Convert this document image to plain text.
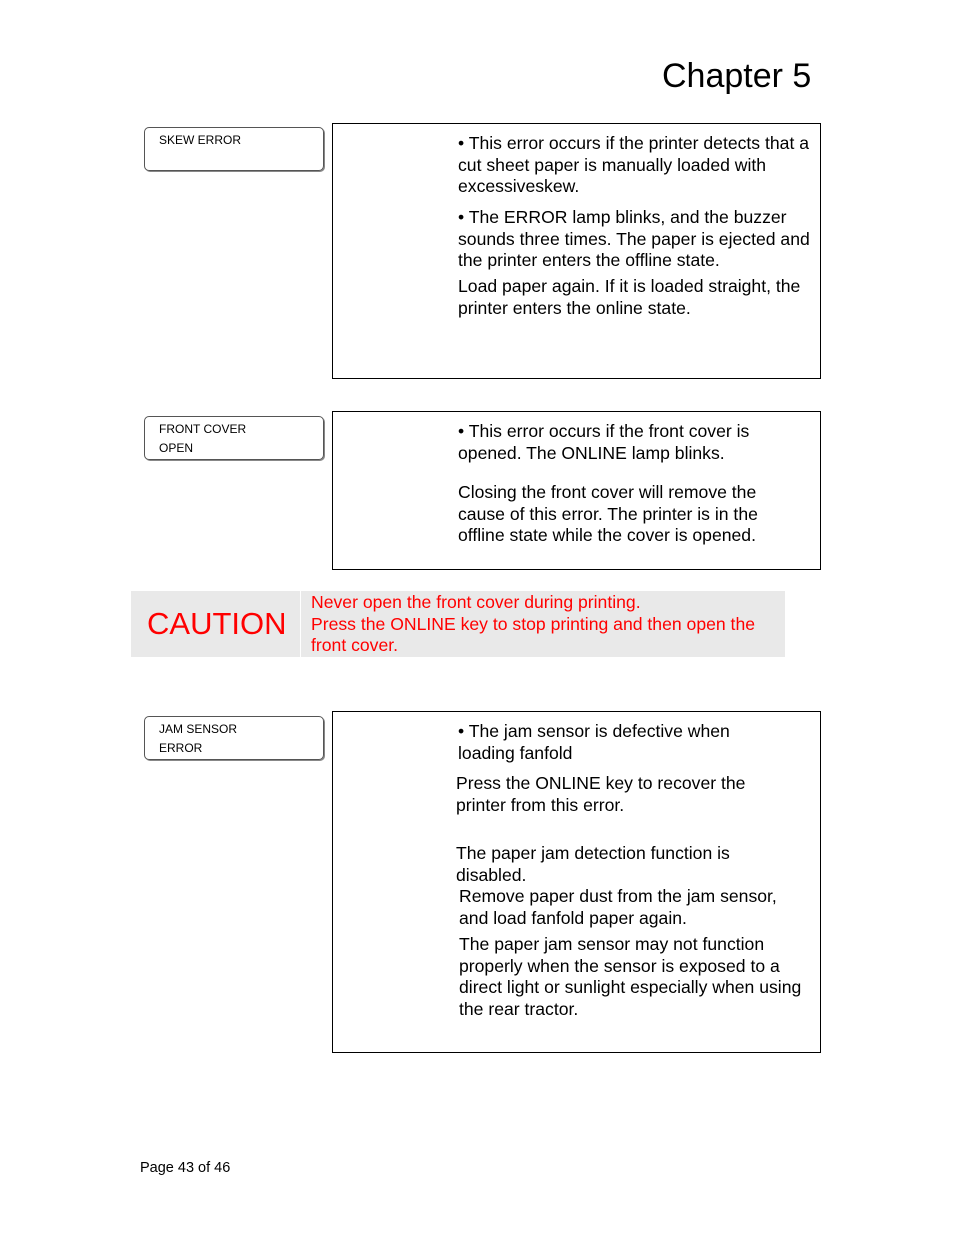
Chapter 5
SKEW ERROR	• This error occurs if the printer detects that a cut sheet paper is manually loaded with excessiveskew.

• The ERROR lamp blinks, and the buzzer sounds three times. The paper is ejected and the printer enters the offline state.

Load paper again. If it is loaded straight, the printer enters the online state.

FRONT COVER
OPEN

• This error occurs if the front cover is opened. The ONLINE lamp blinks.

Closing the front cover will remove the cause of this error. The printer is in the offline state while the cover is opened.

CAUTION
Never open the front cover during printing.
Press the ONLINE key to stop printing and then open the front cover.
JAM SENSOR
ERROR

• The jam sensor is defective when loading fanfold

Press the ONLINE key to recover the printer from this error.

The paper jam detection function is disabled.

Remove paper dust from the jam sensor, and load fanfold paper again.

The paper jam sensor may not function properly when the sensor is exposed to a direct light or sunlight especially when using the rear tractor.

Page 43 of 46
